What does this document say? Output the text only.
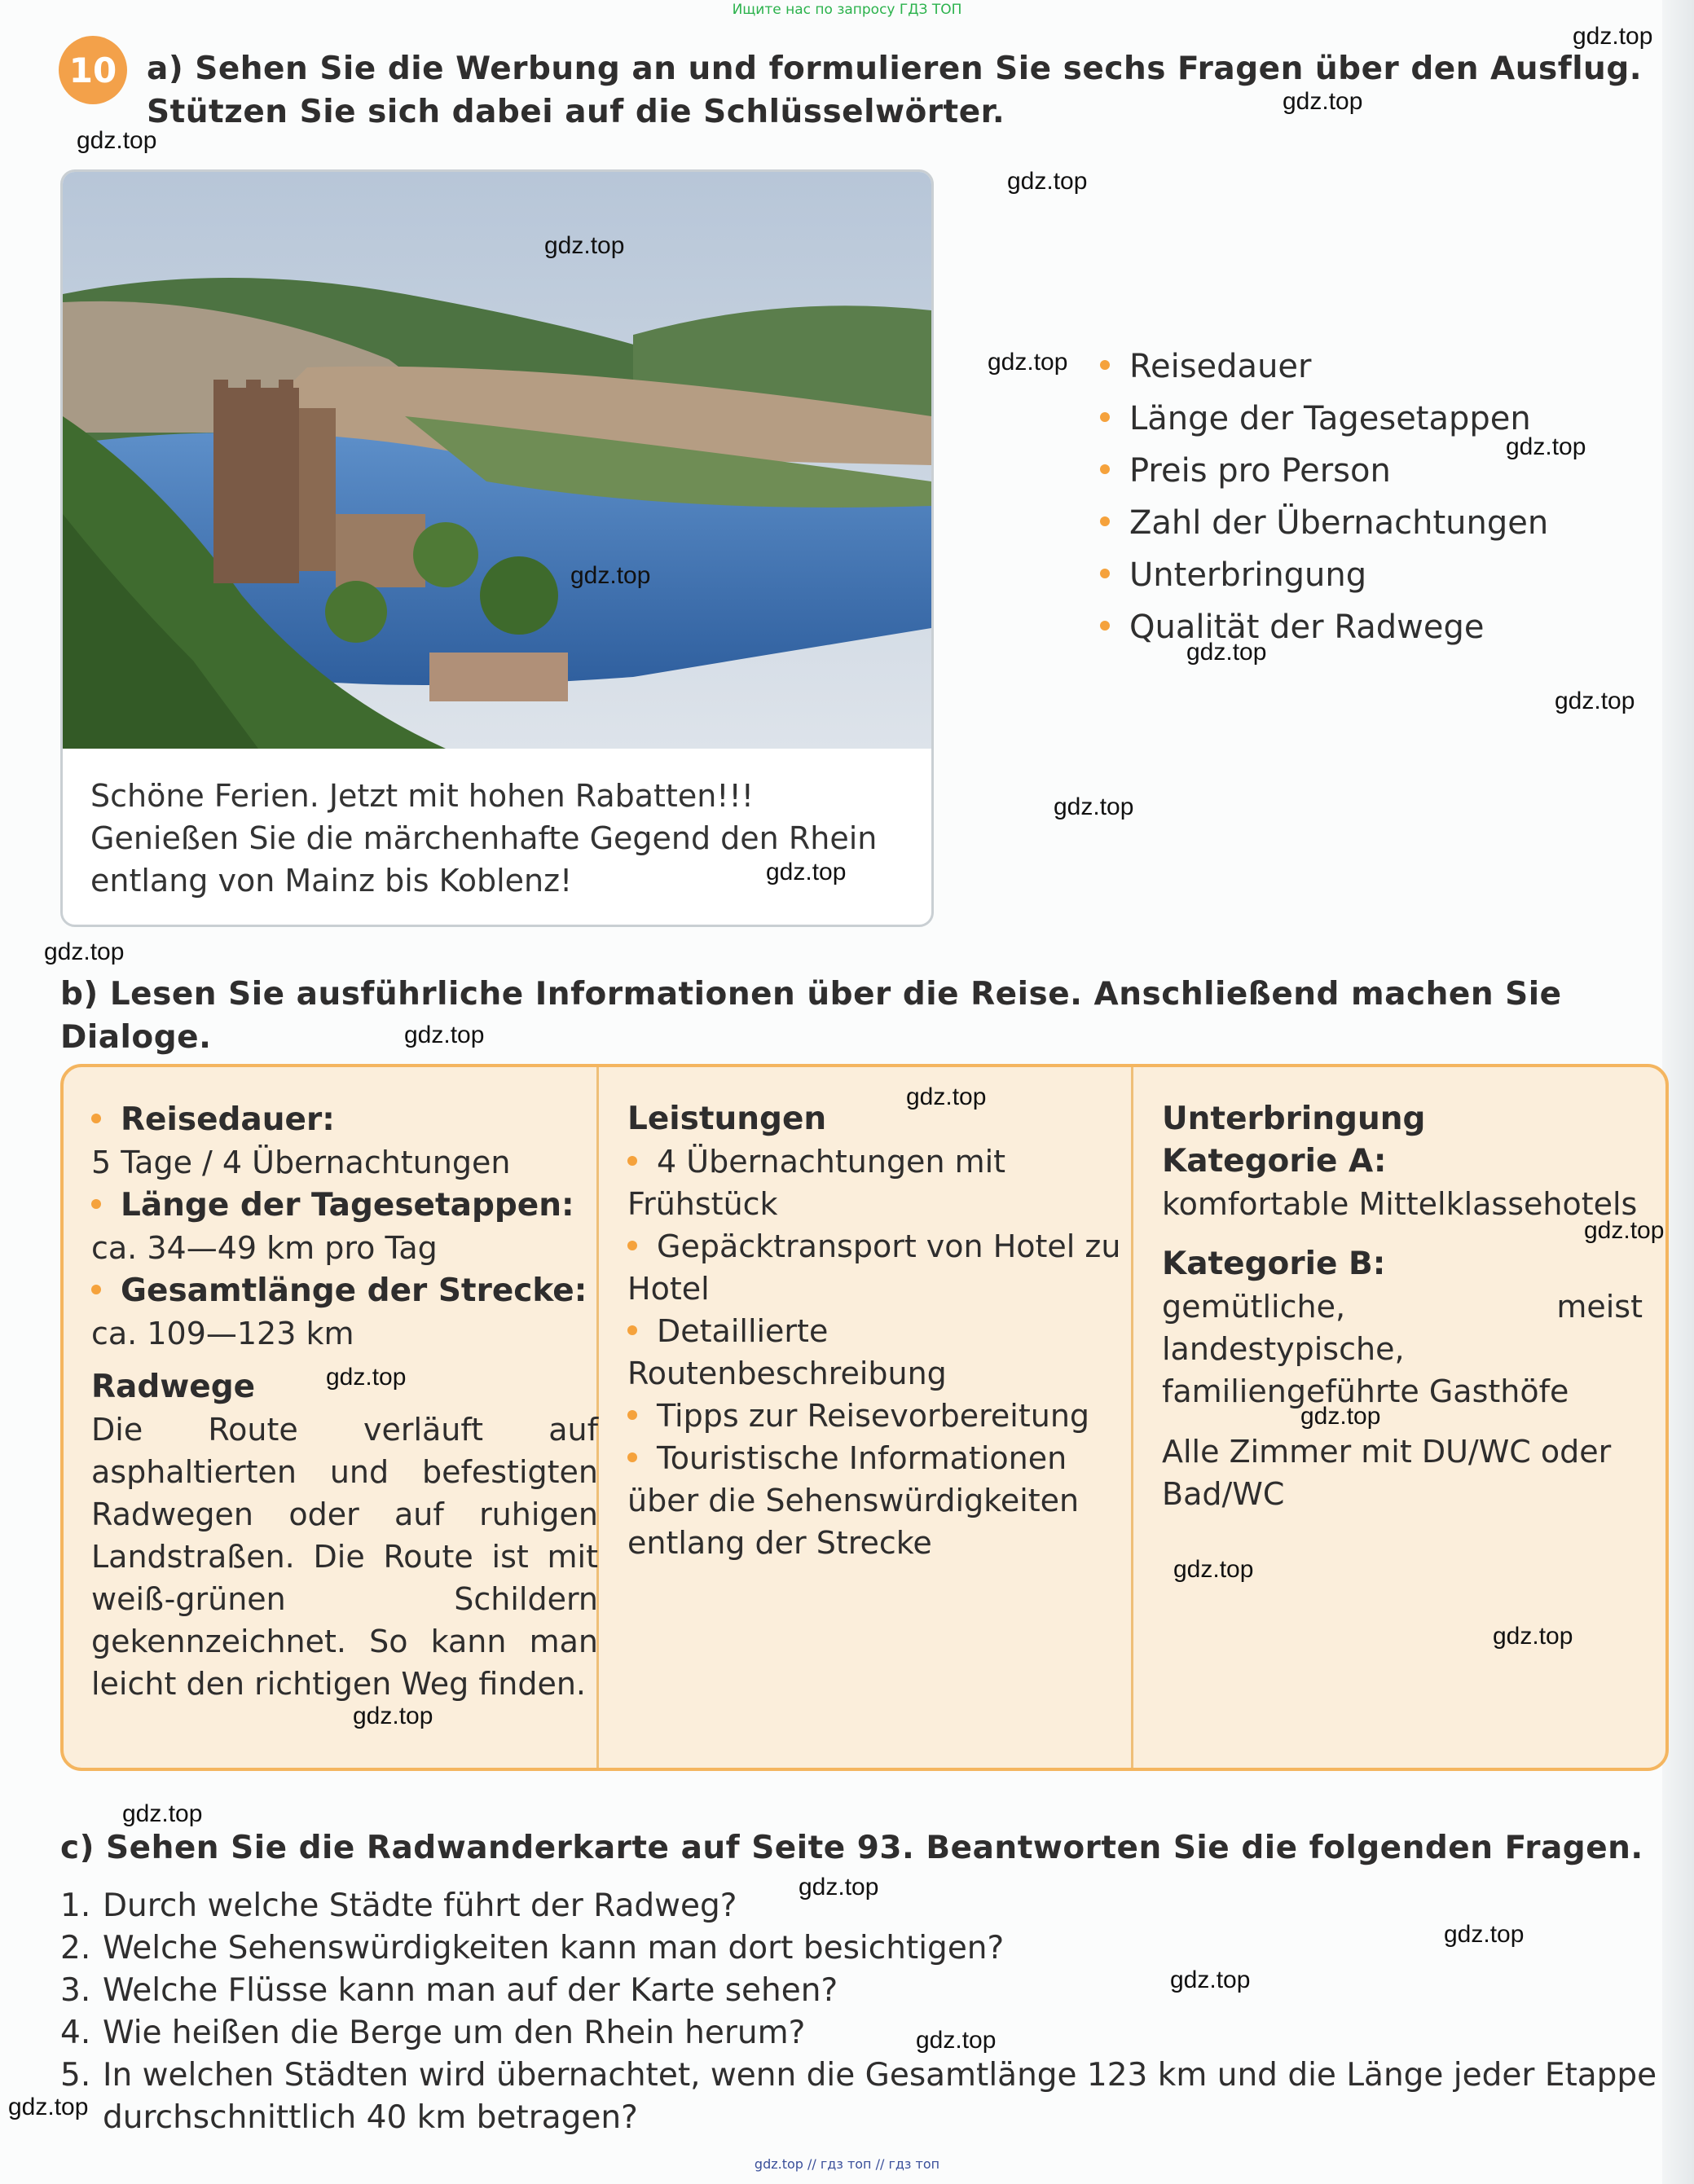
Ищите нас по запросу ГДЗ ТОП
10 a) Sehen Sie die Werbung an und formulieren Sie sechs Fragen über den Ausflug. Stützen Sie sich dabei auf die Schlüsselwörter.
Schöne Ferien. Jetzt mit hohen Rabatten!!! Genießen Sie die märchenhafte Gegend den Rhein entlang von Mainz bis Koblenz!
Reisedauer
Länge der Tagesetappen
Preis pro Person
Zahl der Übernachtungen
Unterbringung
Qualität der Radwege
b) Lesen Sie ausführliche Informationen über die Reise. Anschließend machen Sie Dialoge.

Reisedauer:

5 Tage / 4 Übernachtungen

Länge der Tagesetappen:

ca. 34—49 km pro Tag

Gesamtlänge der Strecke:

ca. 109—123 km

Radwege

Die Route verläuft auf asphaltierten und befestigten Radwegen oder auf ruhigen Landstraßen. Die Route ist mit weiß-grünen Schildern gekennzeichnet. So kann man leicht den richtigen Weg finden.

Leistungen

4 Übernachtungen mit Frühstück

Gepäcktransport von Hotel zu Hotel

Detaillierte Routenbeschreibung

Tipps zur Reisevorbereitung

Touristische Informationen über die Sehenswürdigkeiten entlang der Strecke

Unterbringung

Kategorie A:

komfortable Mittelklassehotels

Kategorie B:

gemütliche, meist landestypische, familiengeführte Gasthöfe

Alle Zimmer mit DU/WC oder Bad/WC

c) Sehen Sie die Radwanderkarte auf Seite 93. Beantworten Sie die folgenden Fragen.
1. Durch welche Städte führt der Radweg?
2. Welche Sehenswürdigkeiten kann man dort besichtigen?
3. Welche Flüsse kann man auf der Karte sehen?
4. Wie heißen die Berge um den Rhein herum?
5. In welchen Städten wird übernachtet, wenn die Gesamtlänge 123 km und die Länge jeder Etappe durchschnittlich 40 km betragen?
gdz.top
gdz.top
gdz.top
gdz.top
gdz.top
gdz.top
gdz.top
gdz.top
gdz.top
gdz.top
gdz.top
gdz.top
gdz.top
gdz.top
gdz.top
gdz.top
gdz.top
gdz.top
gdz.top
gdz.top
gdz.top
gdz.top
gdz.top
gdz.top
gdz.top
gdz.top
gdz.top
gdz.top // гдз топ // гдз топ
